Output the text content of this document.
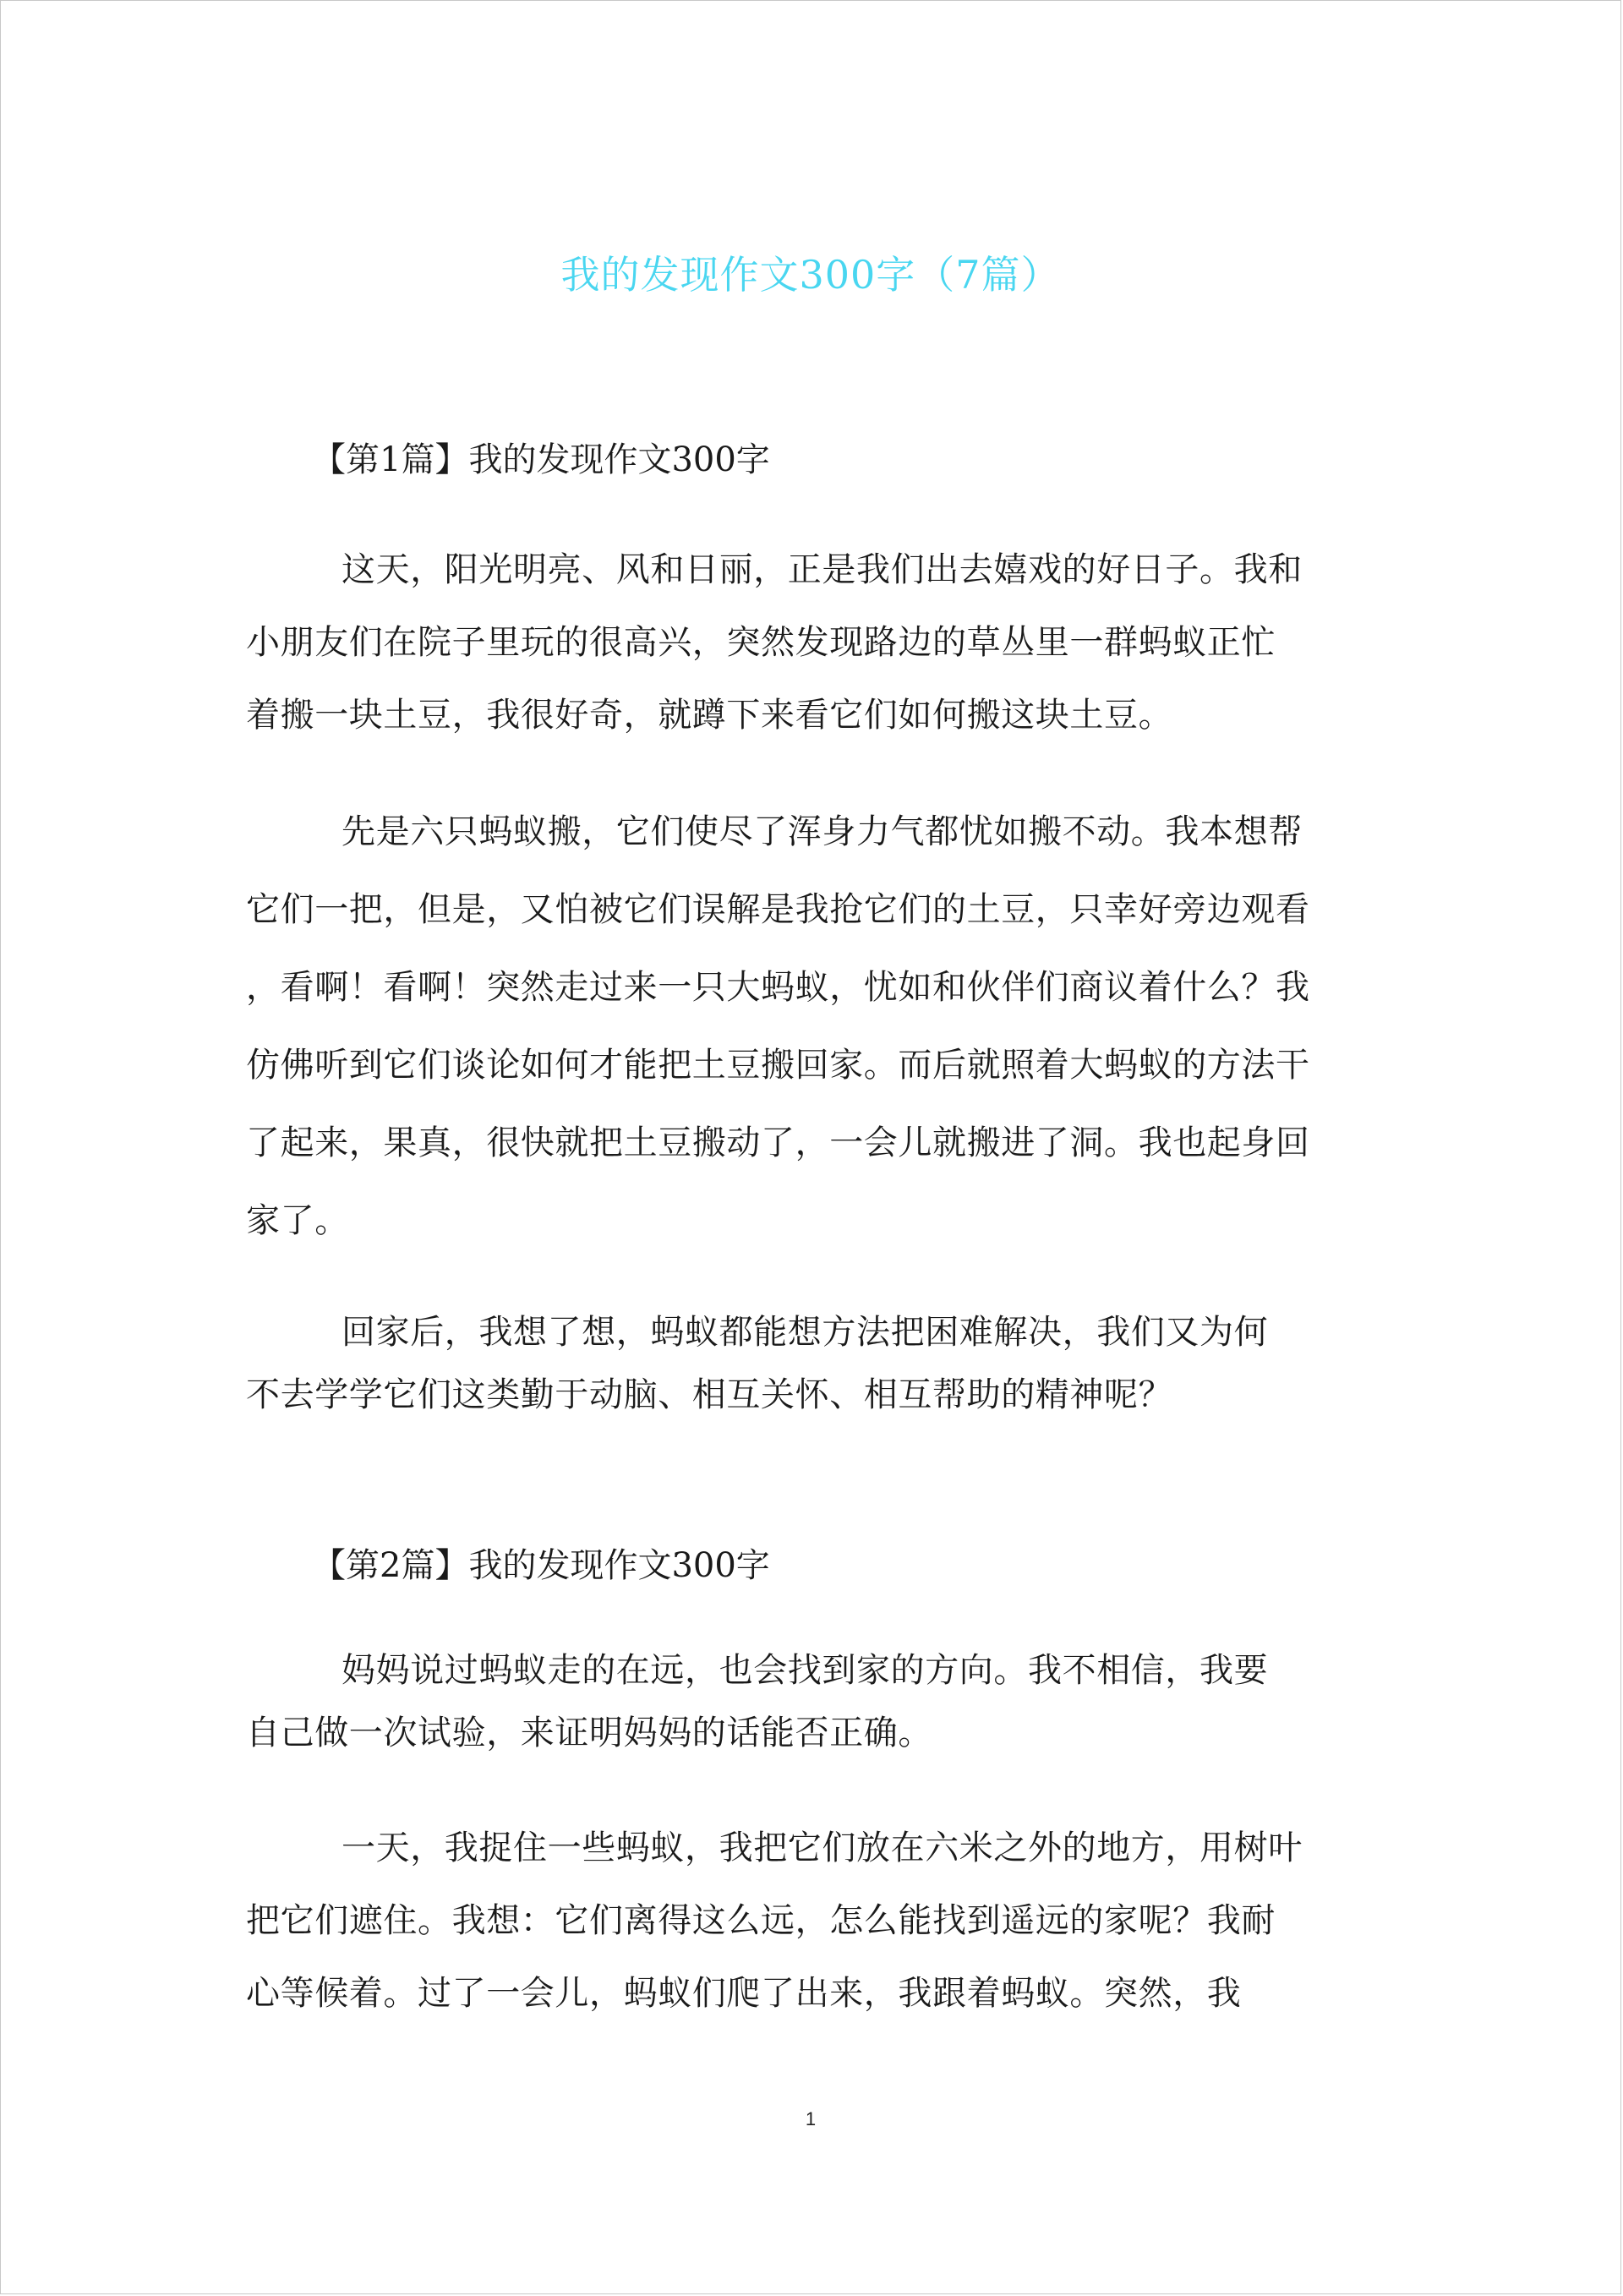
我的发现作文300字（7篇）
【第1篇】我的发现作文300字
这天，阳光明亮、风和日丽，正是我们出去嬉戏的好日子。我和
小朋友们在院子里玩的很高兴，突然发现路边的草丛里一群蚂蚁正忙
着搬一块土豆，我很好奇，就蹲下来看它们如何搬这块土豆。
先是六只蚂蚁搬，它们使尽了浑身力气都忧如搬不动。我本想帮
它们一把，但是，又怕被它们误解是我抢它们的土豆，只幸好旁边观看
，看啊！看啊！突然走过来一只大蚂蚁，忧如和伙伴们商议着什么？我
仿佛听到它们谈论如何才能把土豆搬回家。而后就照着大蚂蚁的方法干
了起来，果真，很快就把土豆搬动了，一会儿就搬进了洞。我也起身回
家了。
回家后，我想了想，蚂蚁都能想方法把困难解决，我们又为何
不去学学它们这类勤于动脑、相互关怀、相互帮助的精神呢？
【第2篇】我的发现作文300字
妈妈说过蚂蚁走的在远，也会找到家的方向。我不相信，我要
自己做一次试验，来证明妈妈的话能否正确。
一天，我捉住一些蚂蚁，我把它们放在六米之外的地方，用树叶
把它们遮住。我想：它们离得这么远，怎么能找到遥远的家呢？我耐
心等候着。过了一会儿，蚂蚁们爬了出来，我跟着蚂蚁。突然，我
1
